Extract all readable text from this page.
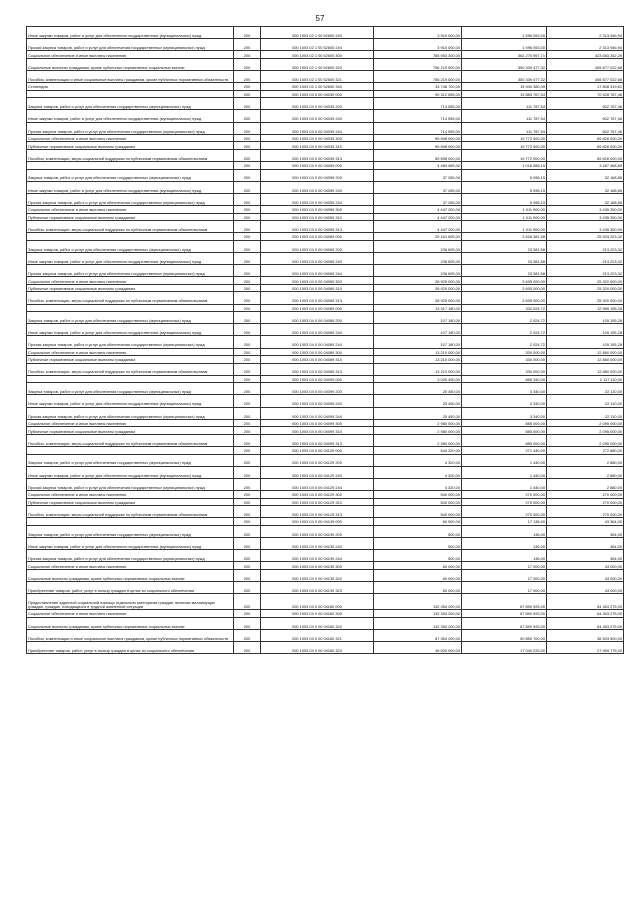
57
Иные закупки товаров, работ и услуг для обеспечения государственных (муниципальных) нужд	200	000 1003 02 1 00 52600 240	3 910 000,00	1 596 053,00	2 313 946,94
Прочая закупка товаров, работ и услуг для обеспечения государственных (муниципальных) нужд	200	000 1003 02 1 00 52600 244	3 910 000,00	1 596 053,00	2 313 946,94
Социальное обеспечение и иные выплаты населению	200	000 1003 02 1 00 52600 300	785 953 300,00	362 270 957,71	423 683 342,29
Социальные выплаты гражданам, кроме публичных нормативных социальных выплат	200	000 1003 02 1 00 52600 320	756 219 500,00	350 339 477,32	405 877 022,68
Пособия, компенсации и иные социальные выплаты гражданам, кроме публичных нормативных обязательств	200	000 1003 02 1 00 52600 321	756 219 500,00	350 339 477,32	405 877 022,68
Стипендии	200	000 1003 02 1 00 52600 340	33 748 700,00	15 940 380,39	17 808 319,61
	200	000 1003 04 0 00 04039 000	90 312 555,00	19 883 767,54	70 428 787,46
Закупка товаров, работ и услуг для обеспечения государственных (муниципальных) нужд	200	000 1003 04 0 00 04039 200	714 555,00	111 787,54	602 767,46
Иные закупки товаров, работ и услуг для обеспечения государственных (муниципальных) нужд	200	000 1003 04 0 00 04039 240	714 555,00	111 787,54	602 767,46
Прочая закупка товаров, работ и услуг для обеспечения государственных (муниципальных) нужд	200	000 1003 04 0 00 04039 244	714 555,00	111 787,54	602 767,46
Социальное обеспечение и иные выплаты населению	200	000 1003 04 0 00 04039 300	89 598 000,00	19 772 000,00	69 826 000,00
Публичные нормативные социальные выплаты гражданам	200	000 1003 04 0 00 04039 310	89 598 000,00	19 772 000,00	69 826 000,00
Пособия, компенсации, меры социальной поддержки по публичным нормативным обязательствам	200	000 1003 04 0 00 04039 313	89 598 000,00	19 772 000,00	69 826 000,00
	200	000 1003 04 0 00 04059 000	4 484 465,00	1 016 566,15	3 467 468,85
Закупка товаров, работ и услуг для обеспечения государственных (муниципальных) нужд	200	000 1003 04 0 00 04059 200	37 265,00	5 096,15	32 168,85
Иные закупки товаров, работ и услуг для обеспечения государственных (муниципальных) нужд	200	000 1003 04 0 00 04059 240	37 265,00	5 096,15	32 168,85
Прочая закупка товаров, работ и услуг для обеспечения государственных (муниципальных) нужд	200	000 1003 04 0 00 04059 244	37 265,00	5 096,15	32 168,85
Социальное обеспечение и иные выплаты населению	200	000 1003 04 0 00 04059 300	4 447 200,00	1 011 900,00	3 435 300,00
Публичные нормативные социальные выплаты гражданам	200	000 1003 04 0 00 04059 310	4 447 200,00	1 011 900,00	3 435 300,00
Пособия, компенсации, меры социальной поддержки по публичным нормативным обязательствам	200	000 1003 04 0 00 04059 313	4 447 200,00	1 011 900,00	3 435 300,00
	200	000 1003 04 0 00 04069 000	29 161 605,00	3 628 381,58	25 533 223,32
Закупка товаров, работ и услуг для обеспечения государственных (муниципальных) нужд	200	000 1003 04 0 00 04069 200	236 605,00	23 381,58	213 223,32
Иные закупки товаров, работ и услуг для обеспечения государственных (муниципальных) нужд	200	000 1003 04 0 00 04069 240	236 605,00	23 381,58	213 223,32
Прочая закупка товаров, работ и услуг для обеспечения государственных (муниципальных) нужд	200	000 1003 04 0 00 04069 244	236 605,00	23 381,58	213 223,32
Социальное обеспечение и иные выплаты населению	200	000 1003 04 0 00 04069 300	28 925 000,00	3 605 000,00	25 320 000,00
Публичные нормативные социальные выплаты гражданам	200	000 1003 04 0 00 04069 310	28 925 000,00	3 605 000,00	25 320 000,00
Пособия, компенсации, меры социальной поддержки по публичным нормативным обязательствам	200	000 1003 04 0 00 04069 313	28 925 000,00	3 605 000,00	25 320 000,00
	200	000 1003 04 0 00 04089 000	13 317 180,00	332 024,72	12 985 155,28
Закупка товаров, работ и услуг для обеспечения государственных (муниципальных) нужд	200	000 1003 04 0 00 04089 200	107 180,00	2 024,72	105 155,28
Иные закупки товаров, работ и услуг для обеспечения государственных (муниципальных) нужд	200	000 1003 04 0 00 04089 240	107 180,00	2 024,72	105 155,28
Прочая закупка товаров, работ и услуг для обеспечения государственных (муниципальных) нужд	200	000 1003 04 0 00 04089 244	107 180,00	2 024,72	105 155,28
Социальное обеспечение и иные выплаты населению	200	000 1003 04 0 00 04089 300	13 210 000,00	330 000,00	12 880 000,00
Публичные нормативные социальные выплаты гражданам	200	000 1003 04 0 00 04089 310	13 210 000,00	330 000,00	12 880 000,00
Пособия, компенсации, меры социальной поддержки по публичным нормативным обязательствам	200	000 1003 04 0 00 04089 313	13 210 000,00	330 000,00	12 880 000,00
	200	000 1003 04 0 00 04099 000	3 005 450,00	888 340,00	2 117 110,00
Закупка товаров, работ и услуг для обеспечения государственных (муниципальных) нужд	200	000 1003 04 0 00 04099 200	25 450,00	3 340,00	22 110,00
Иные закупки товаров, работ и услуг для обеспечения государственных (муниципальных) нужд	200	000 1003 04 0 00 04099 240	25 450,00	3 340,00	22 110,00
Прочая закупка товаров, работ и услуг для обеспечения государственных (муниципальных) нужд	200	000 1003 04 0 00 04099 244	25 450,00	3 340,00	22 110,00
Социальное обеспечение и иные выплаты населению	200	000 1003 04 0 00 04099 300	2 980 000,00	885 000,00	2 095 000,00
Публичные нормативные социальные выплаты гражданам	200	000 1003 04 0 00 04099 310	2 980 000,00	885 000,00	2 095 000,00
Пособия, компенсации, меры социальной поддержки по публичным нормативным обязательствам	200	000 1003 04 0 00 04099 313	2 980 000,00	885 000,00	2 095 000,00
	200	000 1003 04 0 00 04129 000	544 320,00	271 440,00	272 880,00
Закупка товаров, работ и услуг для обеспечения государственных (муниципальных) нужд	200	000 1003 04 0 00 04129 200	4 320,00	1 440,00	2 880,00
Иные закупки товаров, работ и услуг для обеспечения государственных (муниципальных) нужд	200	000 1003 04 0 00 04129 240	4 320,00	1 440,00	2 880,00
Прочая закупка товаров, работ и услуг для обеспечения государственных (муниципальных) нужд	200	000 1003 04 0 00 04129 244	4 320,00	1 440,00	2 880,00
Социальное обеспечение и иные выплаты населению	200	000 1003 04 0 00 04129 300	540 000,00	270 000,00	270 000,00
Публичные нормативные социальные выплаты гражданам	200	000 1003 04 0 00 04129 310	540 000,00	270 000,00	270 000,00
Пособия, компенсации, меры социальной поддержки по публичным нормативным обязательствам	200	000 1003 04 0 00 04129 313	540 000,00	270 000,00	270 000,00
	200	000 1003 04 0 00 04139 000	60 500,00	17 136,00	43 364,00
Закупка товаров, работ и услуг для обеспечения государственных (муниципальных) нужд	200	000 1003 04 0 00 04139 200	500,00	136,00	364,00
Иные закупки товаров, работ и услуг для обеспечения государственных (муниципальных) нужд	200	000 1003 04 0 00 04139 240	500,00	136,00	364,00
Прочая закупка товаров, работ и услуг для обеспечения государственных (муниципальных) нужд	200	000 1003 04 0 00 04139 244	500,00	136,00	364,00
Социальное обеспечение и иные выплаты населению	200	000 1003 04 0 00 04139 300	60 000,00	17 000,00	43 000,00
Социальные выплаты гражданам, кроме публичных нормативных социальных выплат	200	000 1003 04 0 00 04139 320	60 000,00	17 000,00	43 000,00
Приобретение товаров, работ, услуг в пользу граждан в целях их социального обеспечения	200	000 1003 04 0 00 04139 323	60 000,00	17 000,00	43 000,00
Предоставление адресной социальной помощи отдельным категориям граждан, включая малоимущих граждан, граждан, находящихся в трудной жизненной ситуации	200	000 1003 04 0 00 04160 000	132 354 200,00	67 890 925,00	64 463 275,00
Социальное обеспечение и иные выплаты населению	200	000 1003 04 0 00 04160 300	132 354 200,00	67 890 925,00	64 463 275,00
Социальные выплаты гражданам, кроме публичных нормативных социальных выплат	200	000 1003 04 0 00 04160 320	132 354 200,00	67 890 925,00	64 463 275,00
Пособия, компенсации и иные социальные выплаты гражданам, кроме публичных нормативных обязательств	200	000 1003 04 0 00 04160 321	87 354 200,00	50 850 700,00	36 503 500,00
Приобретение товаров, работ, услуг в пользу граждан в целях их социального обеспечения	200	000 1003 04 0 00 04160 323	45 000 000,00	17 040 225,00	27 959 775,00
